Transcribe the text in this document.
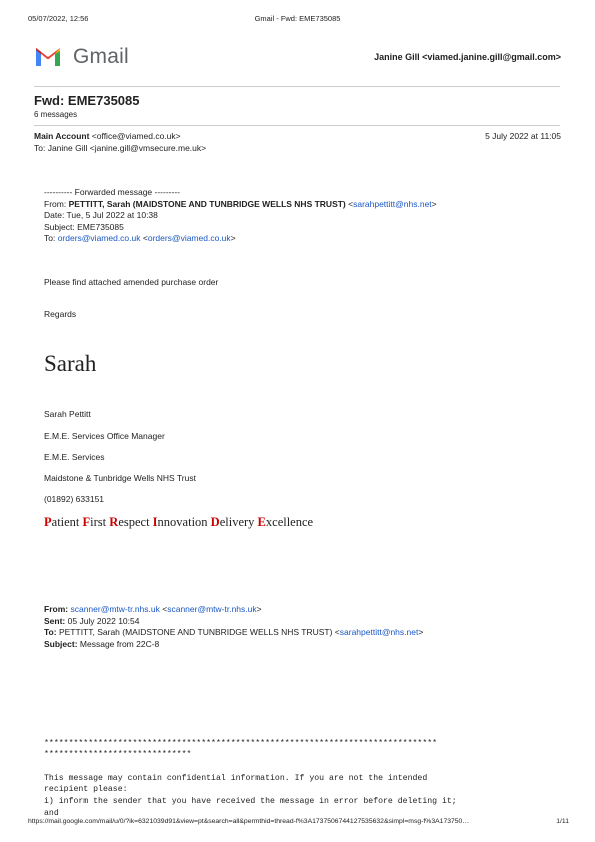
05/07/2022, 12:56	Gmail - Fwd: EME735085
Gmail	Janine Gill <viamed.janine.gill@gmail.com>
Fwd: EME735085
6 messages
Main Account <office@viamed.co.uk>	5 July 2022 at 11:05
To: Janine Gill <janine.gill@vmsecure.me.uk>
---------- Forwarded message ---------
From: PETTITT, Sarah (MAIDSTONE AND TUNBRIDGE WELLS NHS TRUST) <sarahpettitt@nhs.net>
Date: Tue, 5 Jul 2022 at 10:38
Subject: EME735085
To: orders@viamed.co.uk <orders@viamed.co.uk>
Please find attached amended purchase order
Regards
Sarah
Sarah Pettitt
E.M.E. Services Office Manager
E.M.E. Services
Maidstone & Tunbridge Wells NHS Trust
(01892) 633151
Patient First Respect Innovation Delivery Excellence
From: scanner@mtw-tr.nhs.uk <scanner@mtw-tr.nhs.uk>
Sent: 05 July 2022 10:54
To: PETTITT, Sarah (MAIDSTONE AND TUNBRIDGE WELLS NHS TRUST) <sarahpettitt@nhs.net>
Subject: Message from 22C-8

********************************************************************************
******************************
This message may contain confidential information. If you are not the intended
recipient please:
i) inform the sender that you have received the message in error before deleting it;
and

https://mail.google.com/mail/u/0/?ik=6321039d91&view=pt&search=all&permthid=thread-f%3A1737506744127535632&simpl=msg-f%3A173750…	1/11
